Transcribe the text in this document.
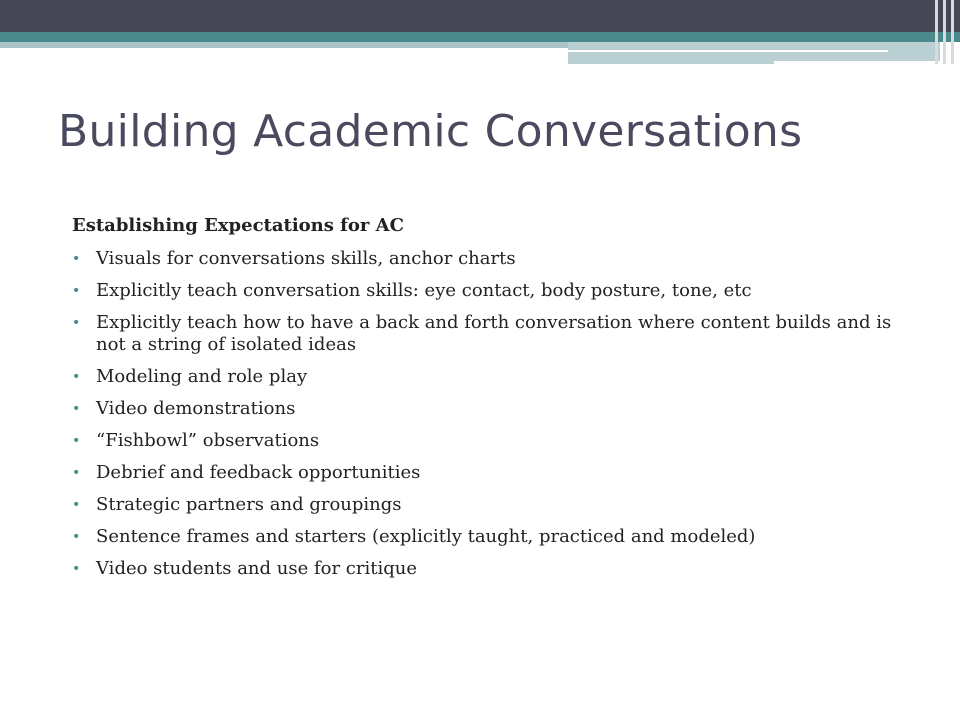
Building Academic Conversations
Establishing Expectations for AC
• Visuals for conversations skills, anchor charts
• Explicitly teach conversation skills: eye contact, body posture, tone, etc
• Explicitly teach how to have a back and forth conversation where content builds and is not a string of isolated ideas
• Modeling and role play
• Video demonstrations
• “Fishbowl” observations
• Debrief and feedback opportunities
• Strategic partners and groupings
• Sentence frames and starters (explicitly taught, practiced and modeled)
• Video students and use for critique
